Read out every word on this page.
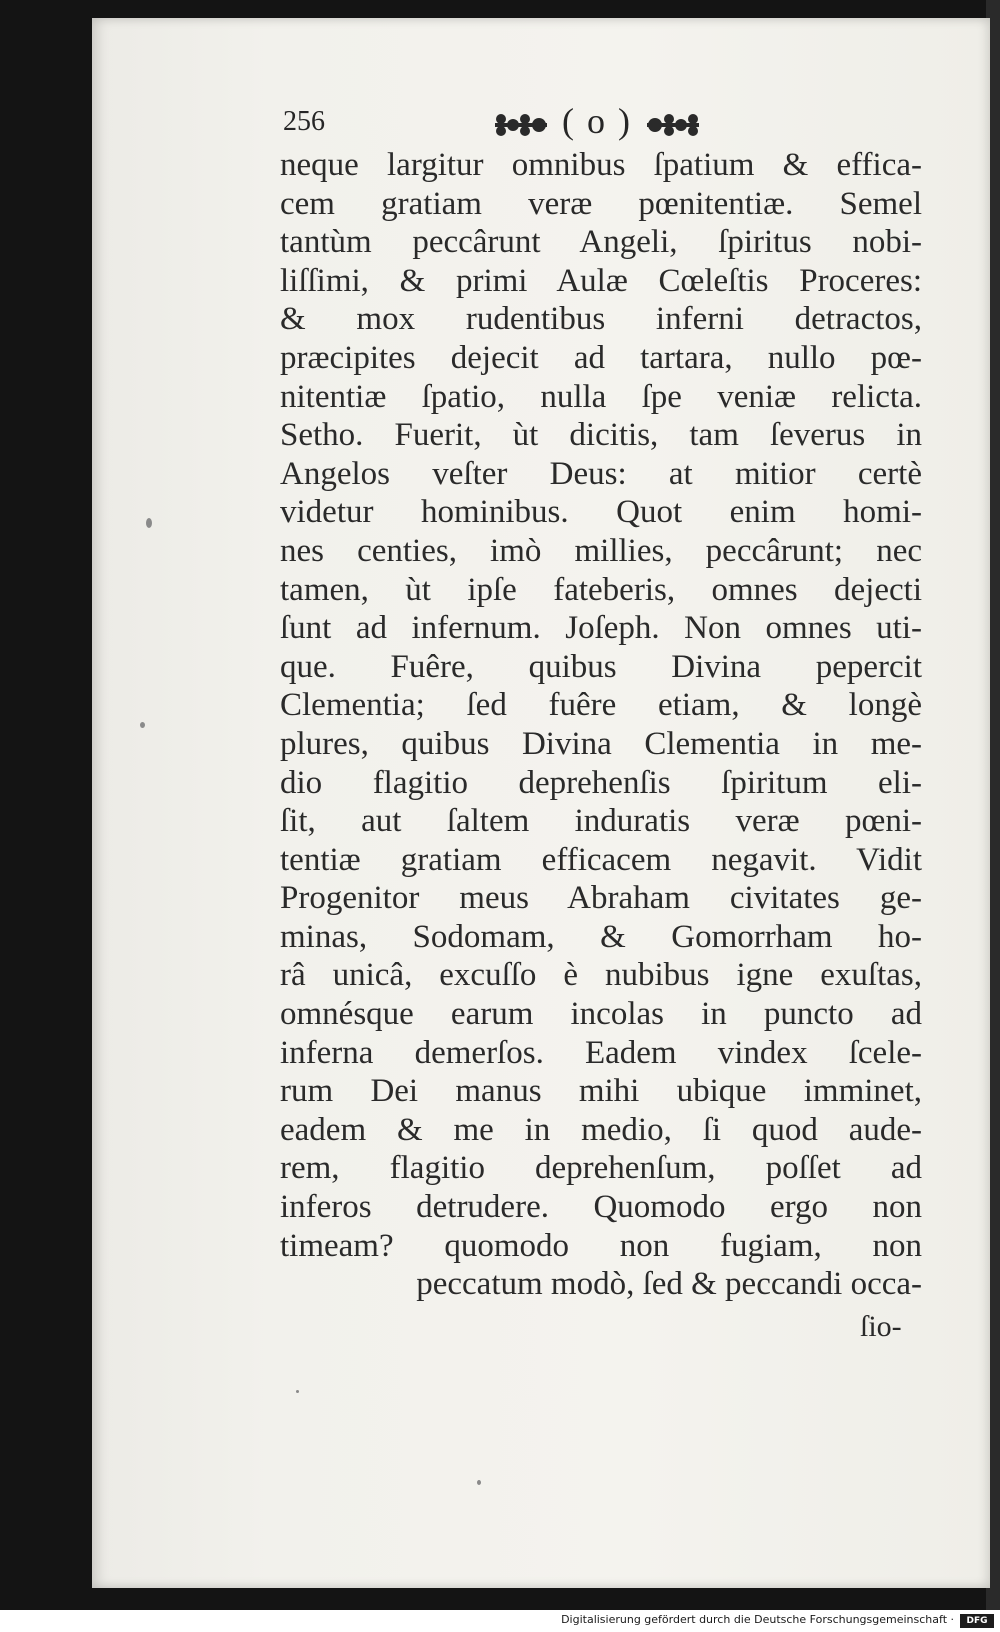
256	( o )
neque largitur omnibus ſpatium & effica-
cem gratiam veræ pœnitentiæ. Semel
tantùm peccârunt Angeli, ſpiritus nobi-
liſſimi, & primi Aulæ Cœleſtis Proceres:
& mox rudentibus inferni detractos,
præcipites dejecit ad tartara, nullo pœ-
nitentiæ ſpatio, nulla ſpe veniæ relicta.
Setho. Fuerit, ùt dicitis, tam ſeverus in
Angelos veſter Deus: at mitior certè
videtur hominibus. Quot enim homi-
nes centies, imò millies, peccârunt; nec
tamen, ùt ipſe fateberis, omnes dejecti
ſunt ad infernum. Joſeph. Non omnes uti-
que. Fuêre, quibus Divina pepercit
Clementia; ſed fuêre etiam, & longè
plures, quibus Divina Clementia in me-
dio flagitio deprehenſis ſpiritum eli-
ſit, aut ſaltem induratis veræ pœni-
tentiæ gratiam efficacem negavit. Vidit
Progenitor meus Abraham civitates ge-
minas, Sodomam, & Gomorrham ho-
râ unicâ, excuſſo è nubibus igne exuſtas,
omnésque earum incolas in puncto ad
inferna demerſos. Eadem vindex ſcele-
rum Dei manus mihi ubique imminet,
eadem & me in medio, ſi quod aude-
rem, flagitio deprehenſum, poſſet ad
inferos detrudere. Quomodo ergo non
timeam? quomodo non fugiam, non
peccatum modò, ſed & peccandi occa-
ſio-
Digitalisierung gefördert durch die Deutsche Forschungsgemeinschaft ·	DFG
